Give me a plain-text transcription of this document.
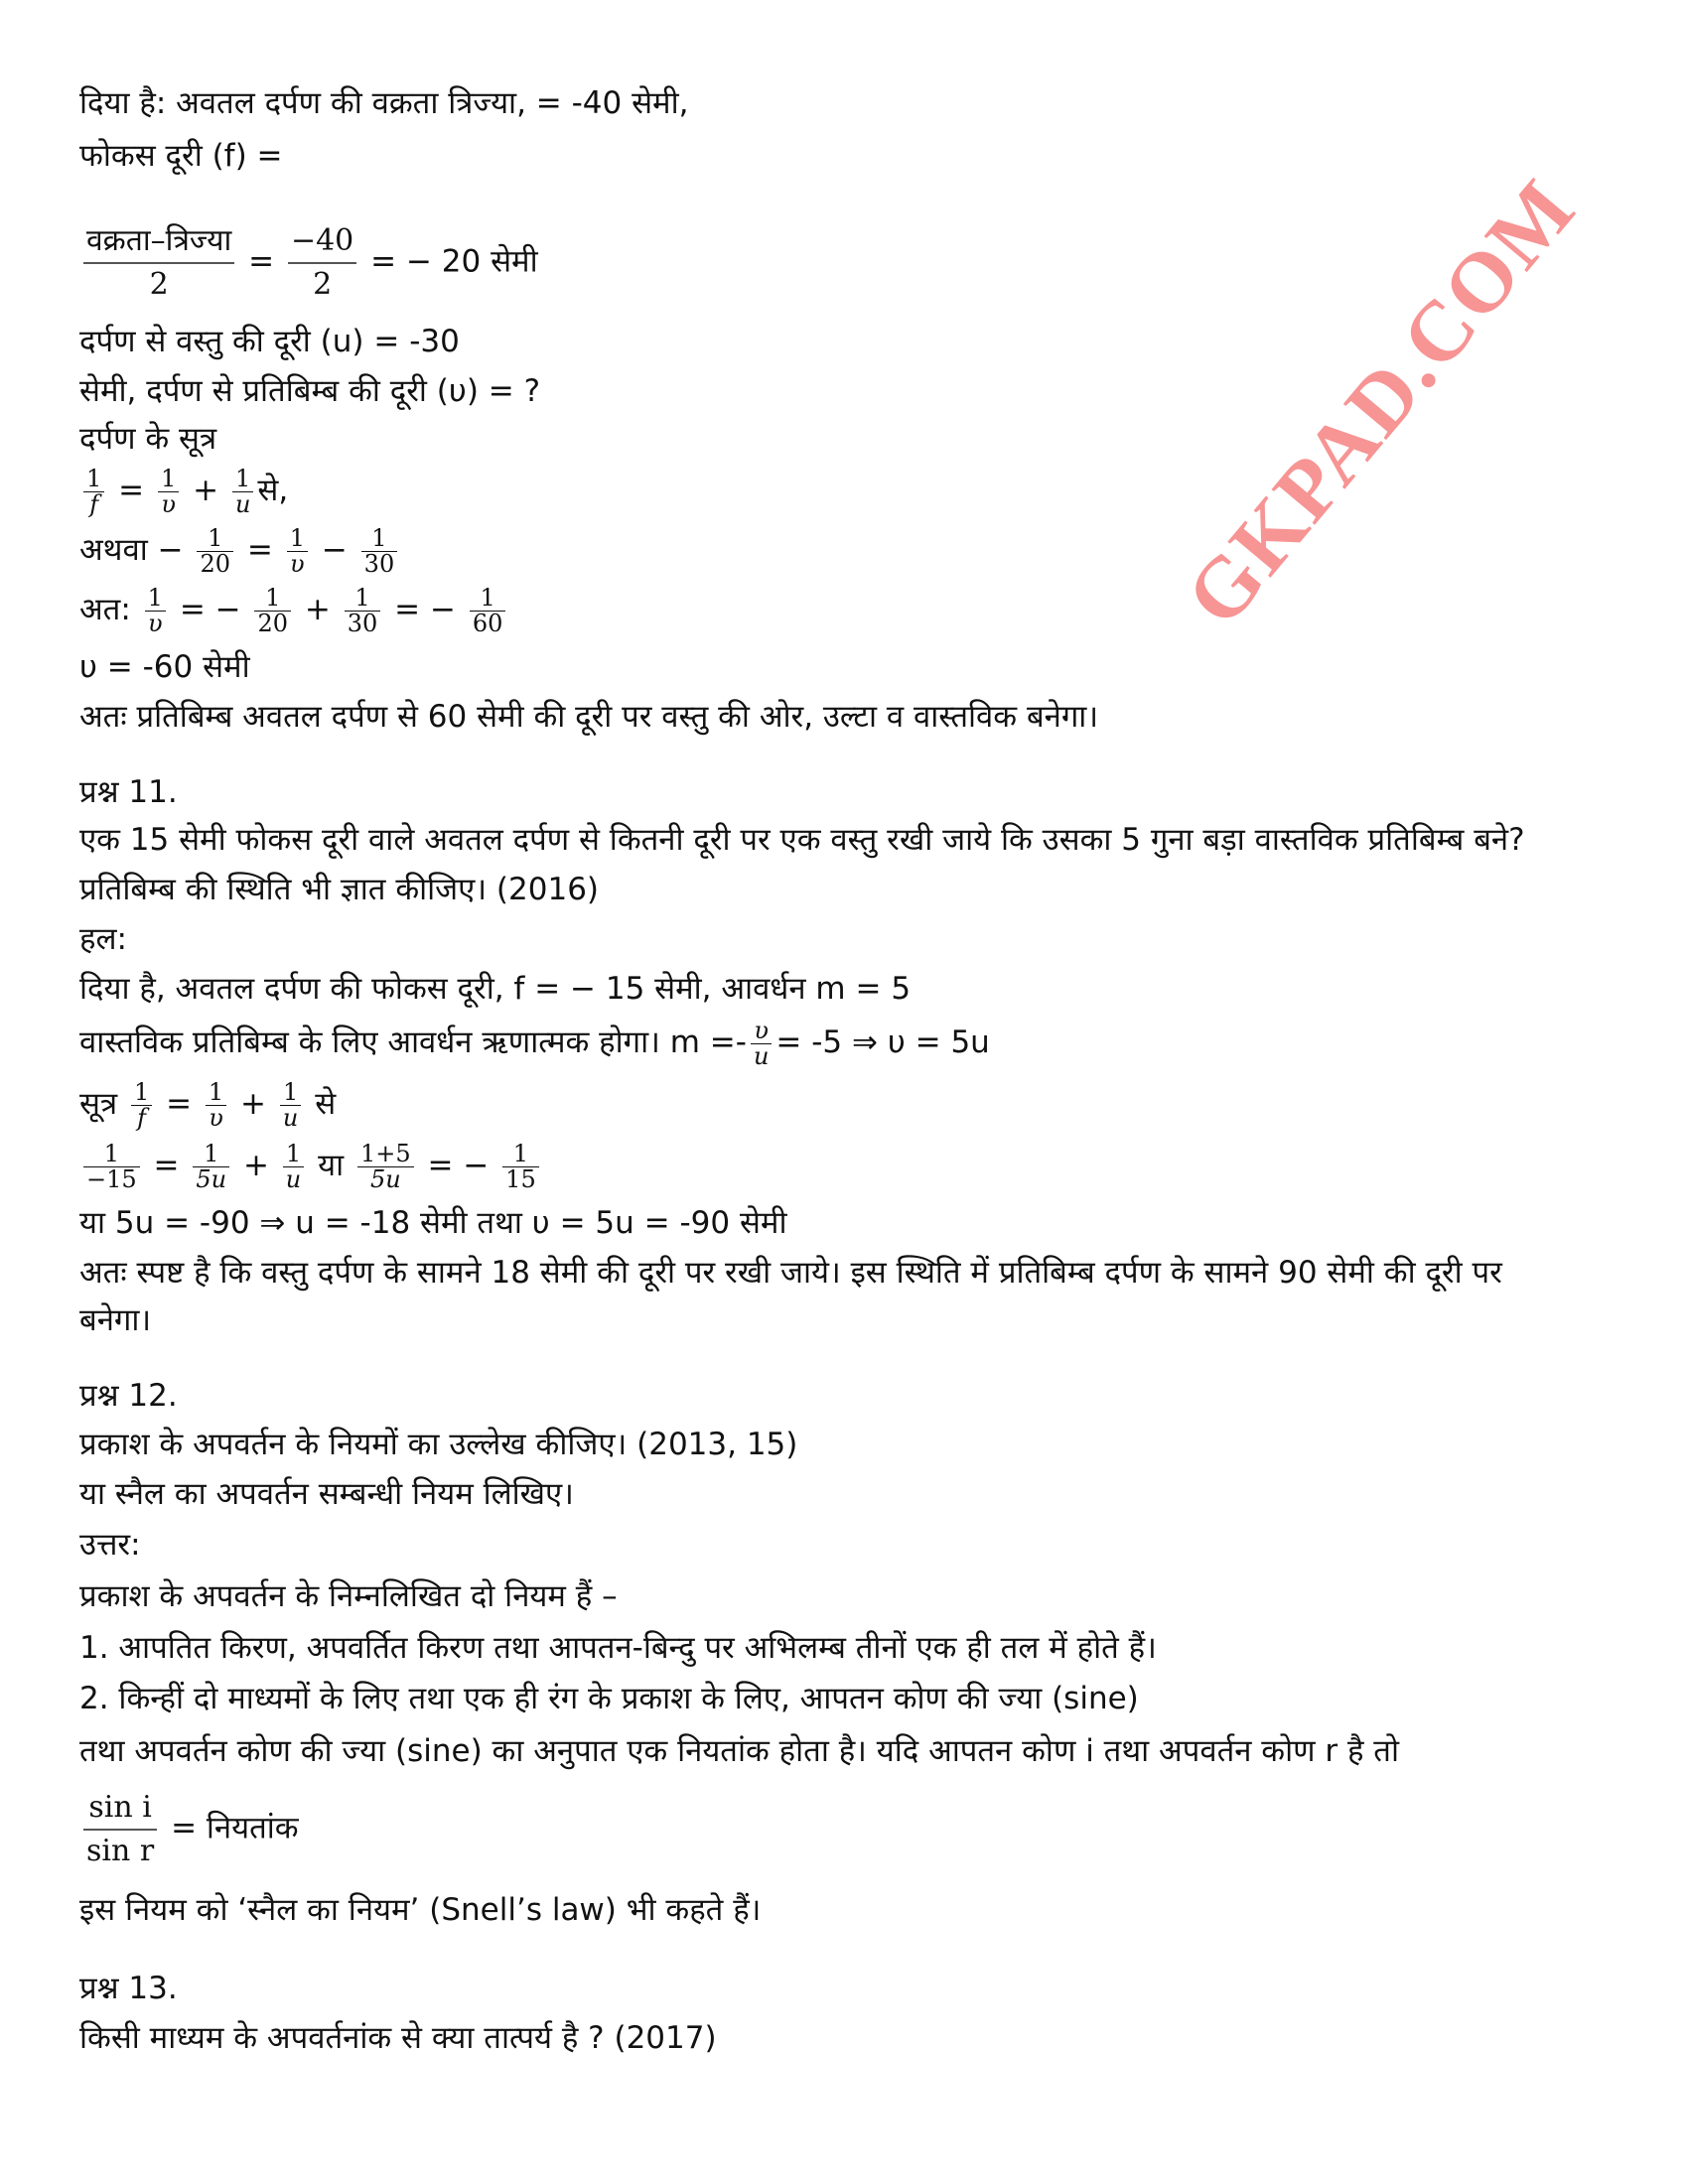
दिया है: अवतल दर्पण की वक्रता त्रिज्या, = -40 सेमी,
फोकस दूरी (f) =
वक्रता–त्रिज्या
2
= $\frac{-40}{2}$ = − 20 सेमी
दर्पण से वस्तु की दूरी (u) = -30
सेमी, दर्पण से प्रतिबिम्ब की दूरी (υ) = ?
दर्पण के सूत्र
$\frac{1}{f} = \frac{1}{\upsilon} + \frac{1}{u}$ से,
अथवा − $\frac{1}{20} = \frac{1}{\upsilon} - \frac{1}{30}$
अत: $\frac{1}{\upsilon}$ = − $\frac{1}{20} + \frac{1}{30}$ = − $\frac{1}{60}$
υ = -60 सेमी
अतः प्रतिबिम्ब अवतल दर्पण से 60 सेमी की दूरी पर वस्तु की ओर, उल्टा व वास्तविक बनेगा।
प्रश्न 11.
एक 15 सेमी फोकस दूरी वाले अवतल दर्पण से कितनी दूरी पर एक वस्तु रखी जाये कि उसका 5 गुना बड़ा वास्तविक प्रतिबिम्ब बने?
प्रतिबिम्ब की स्थिति भी ज्ञात कीजिए। (2016)
हल:
दिया है, अवतल दर्पण की फोकस दूरी, f = − 15 सेमी, आवर्धन m = 5
वास्तविक प्रतिबिम्ब के लिए आवर्धन ऋणात्मक होगा। $m =- \frac{\upsilon}{u} = -5$ ⇒ υ = 5u
सूत्र $\frac{1}{f} = \frac{1}{\upsilon} + \frac{1}{u}$ से
$\frac{1}{-15} = \frac{1}{5u} + \frac{1}{u}$ या $\frac{1+5}{5u}$ = − $\frac{1}{15}$
या 5u = -90 ⇒ u = -18 सेमी तथा υ = 5u = -90 सेमी
अतः स्पष्ट है कि वस्तु दर्पण के सामने 18 सेमी की दूरी पर रखी जाये। इस स्थिति में प्रतिबिम्ब दर्पण के सामने 90 सेमी की दूरी पर
बनेगा।
प्रश्न 12.
प्रकाश के अपवर्तन के नियमों का उल्लेख कीजिए। (2013, 15)
या स्नैल का अपवर्तन सम्बन्धी नियम लिखिए।
उत्तर:
प्रकाश के अपवर्तन के निम्नलिखित दो नियम हैं –
1. आपतित किरण, अपवर्तित किरण तथा आपतन-बिन्दु पर अभिलम्ब तीनों एक ही तल में होते हैं।
2. किन्हीं दो माध्यमों के लिए तथा एक ही रंग के प्रकाश के लिए, आपतन कोण की ज्या (sine)
तथा अपवर्तन कोण की ज्या (sine) का अनुपात एक नियतांक होता है। यदि आपतन कोण i तथा अपवर्तन कोण r है तो
$\frac{\text{sin i}}{\text{sin r}}$ = नियतांक
इस नियम को ‘स्नैल का नियम’ (Snell’s law) भी कहते हैं।
प्रश्न 13.
किसी माध्यम के अपवर्तनांक से क्या तात्पर्य है ? (2017)
GKPAD.COM
